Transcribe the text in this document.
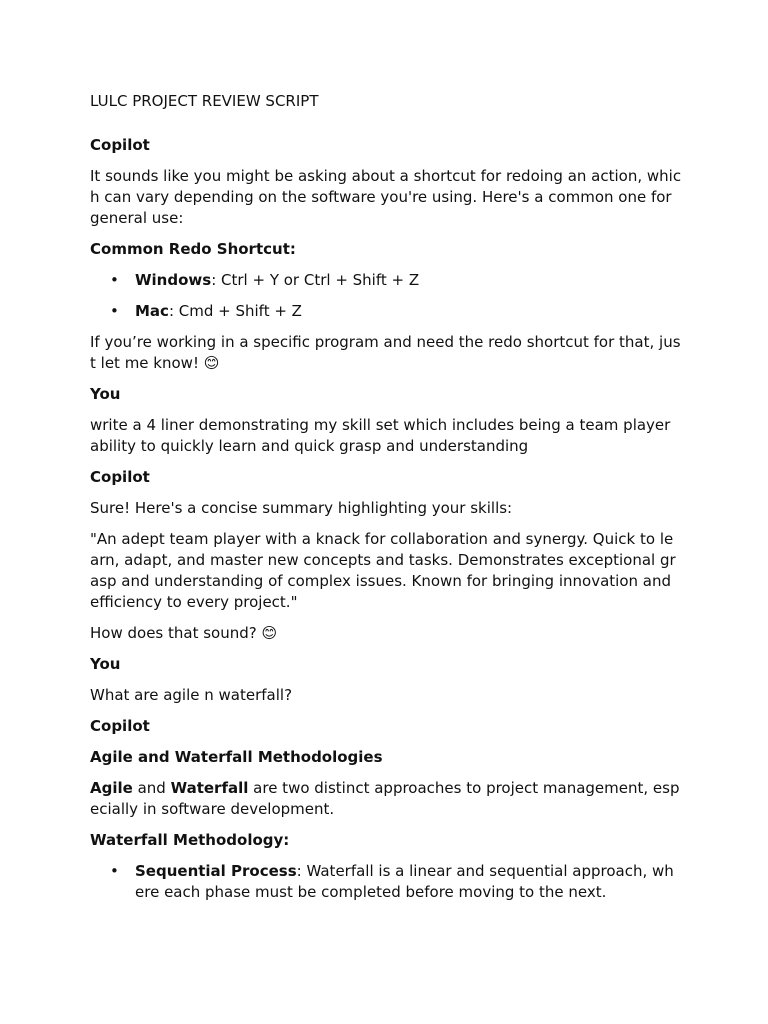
LULC PROJECT REVIEW SCRIPT
Copilot

It sounds like you might be asking about a shortcut for redoing an action, which can vary depending on the software you're using. Here's a common one for general use:

Common Redo Shortcut:
• Windows: Ctrl + Y or Ctrl + Shift + Z
• Mac: Cmd + Shift + Z

If you’re working in a specific program and need the redo shortcut for that, just let me know! 😊

You

write a 4 liner demonstrating my skill set which includes being a team player ability to quickly learn and quick grasp and understanding

Copilot

Sure! Here's a concise summary highlighting your skills:

"An adept team player with a knack for collaboration and synergy. Quick to learn, adapt, and master new concepts and tasks. Demonstrates exceptional grasp and understanding of complex issues. Known for bringing innovation and efficiency to every project."

How does that sound? 😊

You

What are agile n waterfall?

Copilot
Agile and Waterfall Methodologies

Agile and Waterfall are two distinct approaches to project management, especially in software development.

Waterfall Methodology:
• Sequential Process: Waterfall is a linear and sequential approach, where each phase must be completed before moving to the next.
